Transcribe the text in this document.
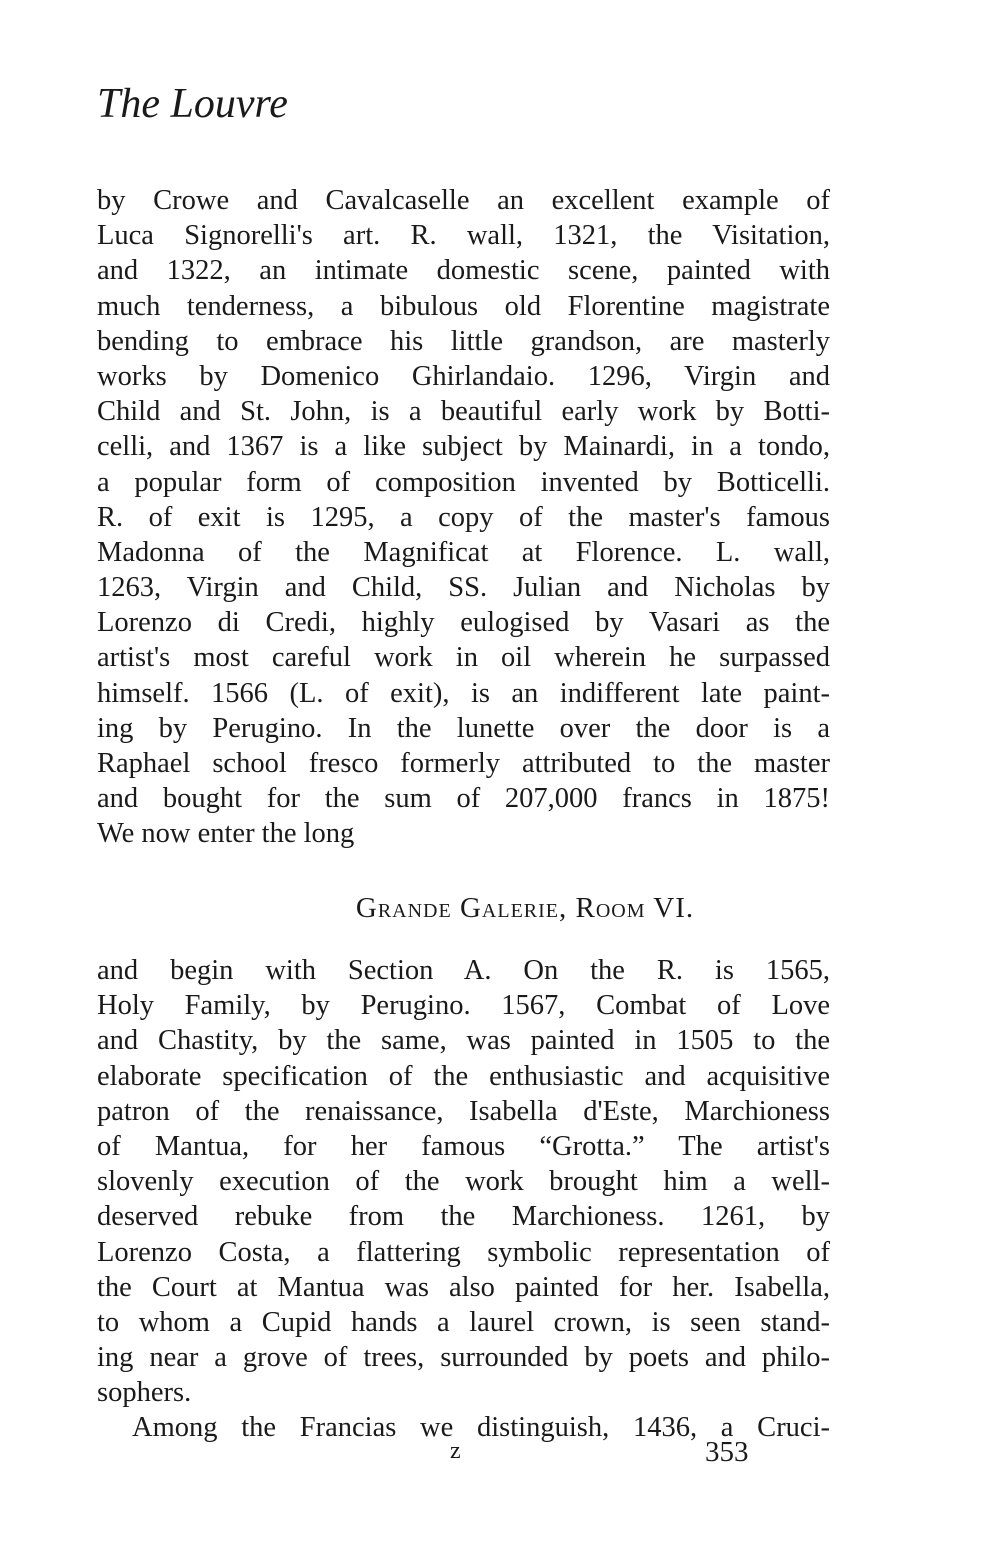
The Louvre
by Crowe and Cavalcaselle an excellent example of
Luca Signorelli's art. R. wall, 1321, the Visitation,
and 1322, an intimate domestic scene, painted with
much tenderness, a bibulous old Florentine magistrate
bending to embrace his little grandson, are masterly
works by Domenico Ghirlandaio. 1296, Virgin and
Child and St. John, is a beautiful early work by Botti-
celli, and 1367 is a like subject by Mainardi, in a tondo,
a popular form of composition invented by Botticelli.
R. of exit is 1295, a copy of the master's famous
Madonna of the Magnificat at Florence. L. wall,
1263, Virgin and Child, SS. Julian and Nicholas by
Lorenzo di Credi, highly eulogised by Vasari as the
artist's most careful work in oil wherein he surpassed
himself. 1566 (L. of exit), is an indifferent late paint-
ing by Perugino. In the lunette over the door is a
Raphael school fresco formerly attributed to the master
and bought for the sum of 207,000 francs in 1875!
We now enter the long
Grande Galerie, Room VI.
and begin with Section A. On the R. is 1565,
Holy Family, by Perugino. 1567, Combat of Love
and Chastity, by the same, was painted in 1505 to the
elaborate specification of the enthusiastic and acquisitive
patron of the renaissance, Isabella d'Este, Marchioness
of Mantua, for her famous “Grotta.” The artist's
slovenly execution of the work brought him a well-
deserved rebuke from the Marchioness. 1261, by
Lorenzo Costa, a flattering symbolic representation of
the Court at Mantua was also painted for her. Isabella,
to whom a Cupid hands a laurel crown, is seen stand-
ing near a grove of trees, surrounded by poets and philo-
sophers.
Among the Francias we distinguish, 1436, a Cruci-
z	353
